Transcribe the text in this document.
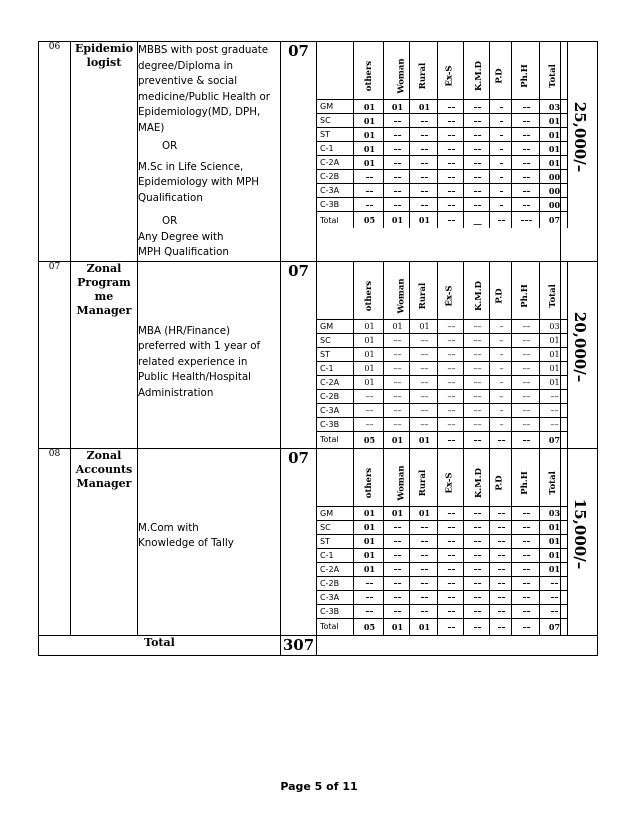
06	Epidemio
logist

MBBS with post graduate
degree/Diploma in
preventive & social
medicine/Public Health or
Epidemiology(MD, DPH,
MAE)
OR
M.Sc in Life Science,
Epidemiology with MPH
Qualification
OR
Any Degree with
MPH Qualification
	07	
	others	Woman	Rural	Ex-S	K.M.D	P.D	Ph.H	Total
GM	01	01	01	––	––	–	––	03
SC	01	––	––	––	––	–	––	01
ST	01	––	––	––	––	–	––	01
C-1	01	––	––	––	––	–	––	01
C-2A	01	––	––	––	––	–	––	01
C-2B	––	––	––	––	––	–	––	00
C-3A	––	––	––	––	––	–	––	00
C-3B	––	––	––	––	––	–	––	00
Total	05	01	01	––	__	––	–––	07

25,000/–

07	Zonal
Program
me
Manager

MBA (HR/Finance)
preferred with 1 year of
related experience in
Public Health/Hospital
Administration
	07	
	others	Woman	Rural	Ex-S	K.M.D	P.D	Ph.H	Total
GM	01	01	01	––	––	–	––	03
SC	01	––	––	––	––	–	––	01
ST	01	––	––	––	––	–	––	01
C-1	01	––	––	––	––	–	––	01
C-2A	01	––	––	––	––	–	––	01
C-2B	––	––	––	––	––	–	––	––
C-3A	––	––	––	––	––	–	––	––
C-3B	––	––	––	––	––	–	––	––
Total	05	01	01	––	––	––	––	07

20,000/–

08	Zonal
Accounts
Manager

M.Com with
Knowledge of Tally
	07	
	others	Woman	Rural	Ex-S	K.M.D	P.D	Ph.H	Total
GM	01	01	01	––	––	––	––	03
SC	01	––	––	––	––	––	––	01
ST	01	––	––	––	––	––	––	01
C-1	01	––	––	––	––	––	––	01
C-2A	01	––	––	––	––	––	––	01
C-2B	––	––	––	––	––	––	––	––
C-3A	––	––	––	––	––	––	––	––
C-3B	––	––	––	––	––	––	––	––
Total	05	01	01	––	––	––	––	07

15,000/–

Total	307	
Page 5 of 11
